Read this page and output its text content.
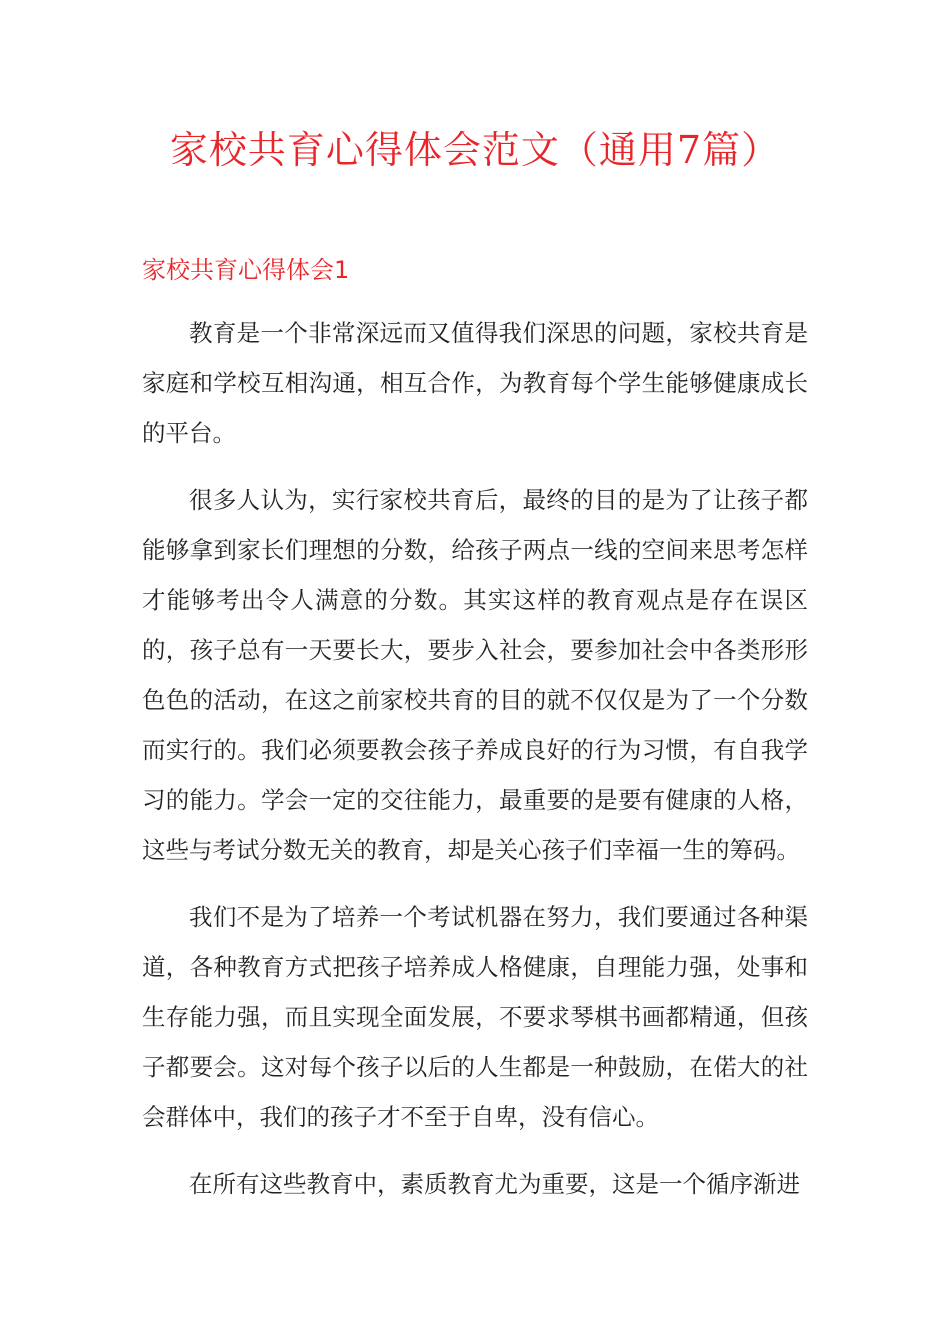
家校共育心得体会范文（通用7篇）
家校共育心得体会1

教育是一个非常深远而又值得我们深思的问题，家校共育是家庭和学校互相沟通，相互合作，为教育每个学生能够健康成长的平台。

很多人认为，实行家校共育后，最终的目的是为了让孩子都能够拿到家长们理想的分数，给孩子两点一线的空间来思考怎样才能够考出令人满意的分数。其实这样的教育观点是存在误区的，孩子总有一天要长大，要步入社会，要参加社会中各类形形色色的活动，在这之前家校共育的目的就不仅仅是为了一个分数而实行的。我们必须要教会孩子养成良好的行为习惯，有自我学习的能力。学会一定的交往能力，最重要的是要有健康的人格，这些与考试分数无关的教育，却是关心孩子们幸福一生的筹码。

我们不是为了培养一个考试机器在努力，我们要通过各种渠道，各种教育方式把孩子培养成人格健康，自理能力强，处事和生存能力强，而且实现全面发展，不要求琴棋书画都精通，但孩子都要会。这对每个孩子以后的人生都是一种鼓励，在偌大的社会群体中，我们的孩子才不至于自卑，没有信心。

在所有这些教育中，素质教育尤为重要，这是一个循序渐进
